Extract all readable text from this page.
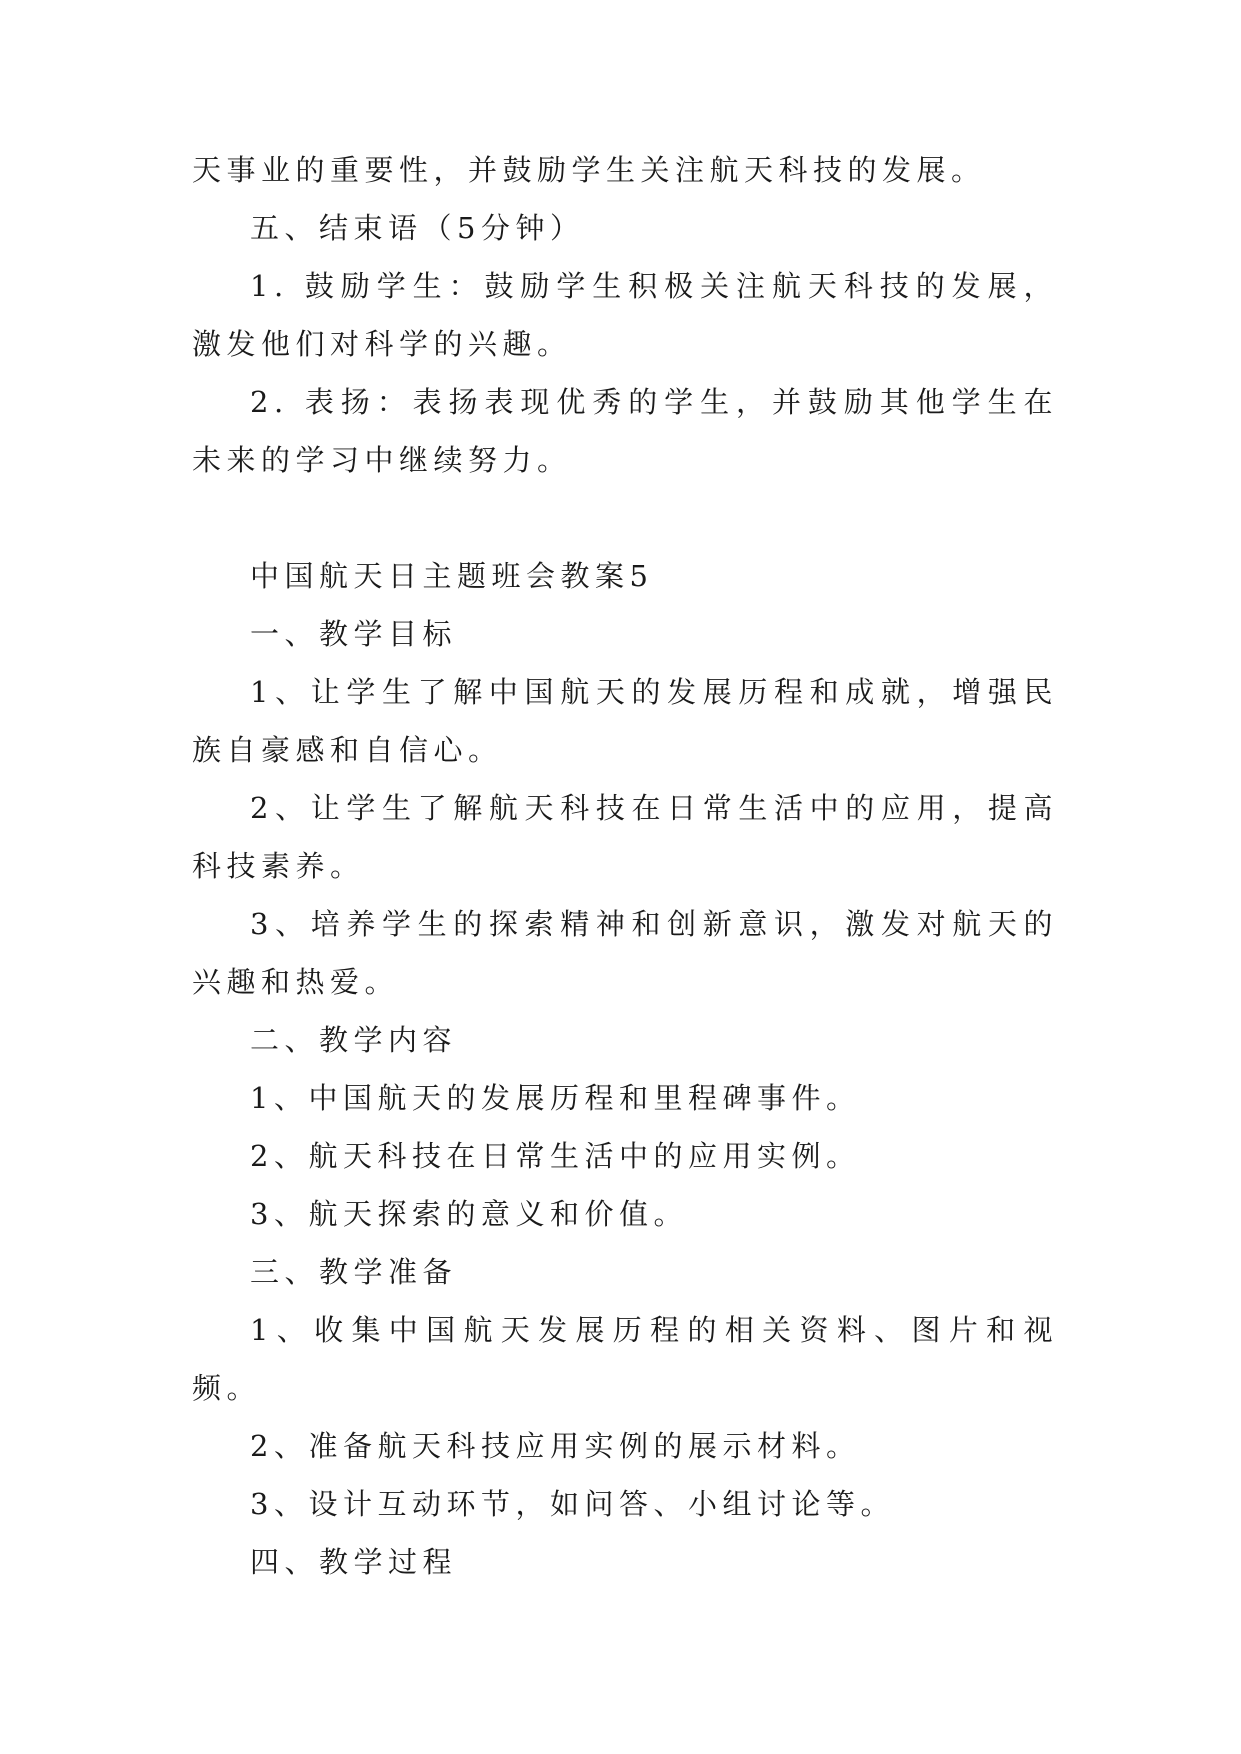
天事业的重要性，并鼓励学生关注航天科技的发展。

五、结束语（5分钟）

1. 鼓励学生：鼓励学生积极关注航天科技的发展，激发他们对科学的兴趣。

2. 表扬：表扬表现优秀的学生，并鼓励其他学生在未来的学习中继续努力。

中国航天日主题班会教案5

一、教学目标

1、让学生了解中国航天的发展历程和成就，增强民族自豪感和自信心。

2、让学生了解航天科技在日常生活中的应用，提高科技素养。

3、培养学生的探索精神和创新意识，激发对航天的兴趣和热爱。

二、教学内容

1、中国航天的发展历程和里程碑事件。

2、航天科技在日常生活中的应用实例。

3、航天探索的意义和价值。

三、教学准备

1、收集中国航天发展历程的相关资料、图片和视频。

2、准备航天科技应用实例的展示材料。

3、设计互动环节，如问答、小组讨论等。

四、教学过程
